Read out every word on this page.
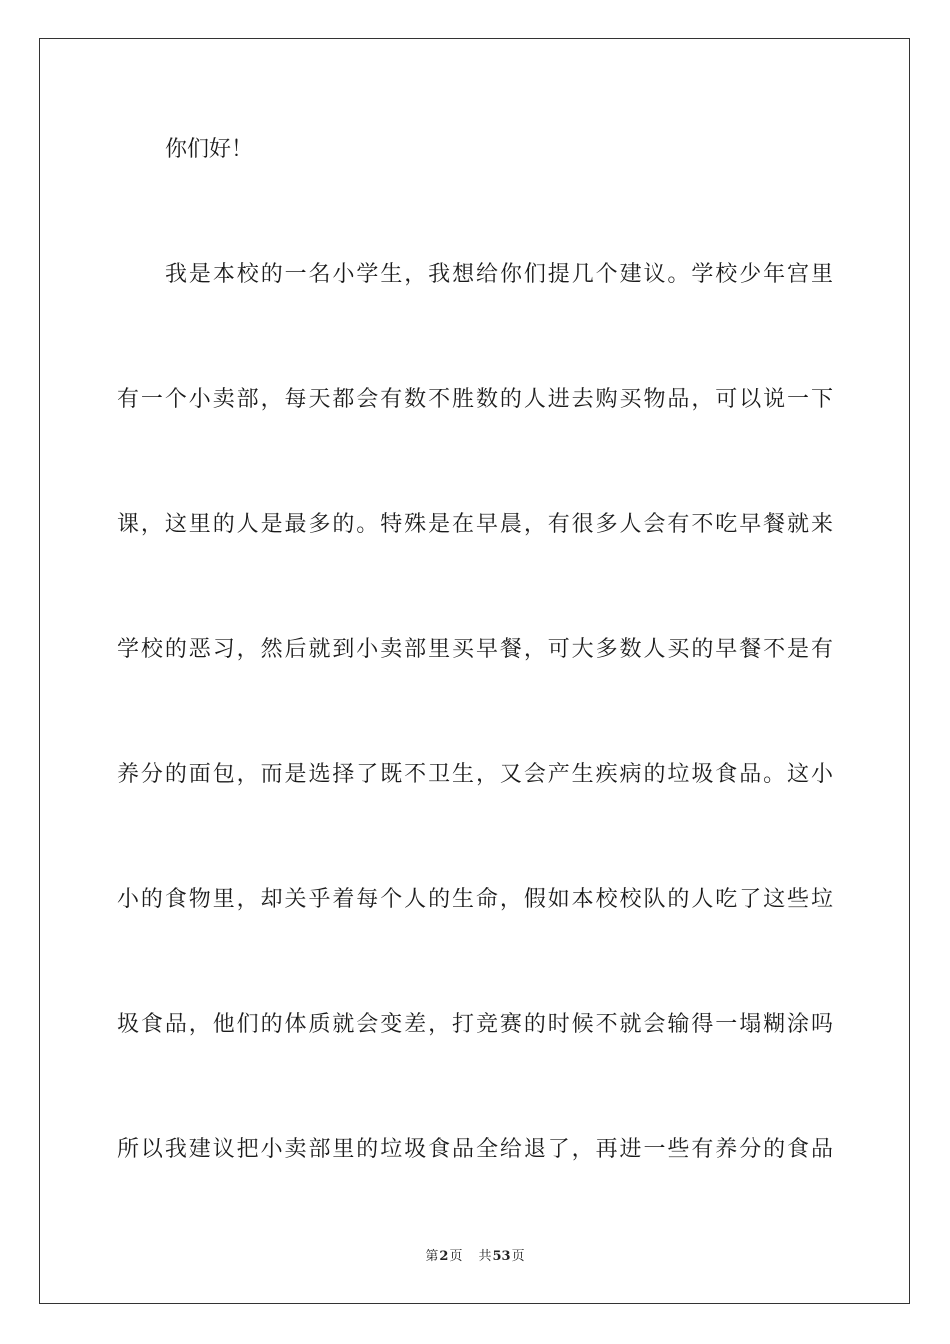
你们好！
我是本校的一名小学生，我想给你们提几个建议。学校少年宫里
有一个小卖部，每天都会有数不胜数的人进去购买物品，可以说一下
课，这里的人是最多的。特殊是在早晨，有很多人会有不吃早餐就来
学校的恶习，然后就到小卖部里买早餐，可大多数人买的早餐不是有
养分的面包，而是选择了既不卫生，又会产生疾病的垃圾食品。这小
小的食物里，却关乎着每个人的生命，假如本校校队的人吃了这些垃
圾食品，他们的体质就会变差，打竞赛的时候不就会输得一塌糊涂吗
所以我建议把小卖部里的垃圾食品全给退了，再进一些有养分的食品
第2页 共53页
